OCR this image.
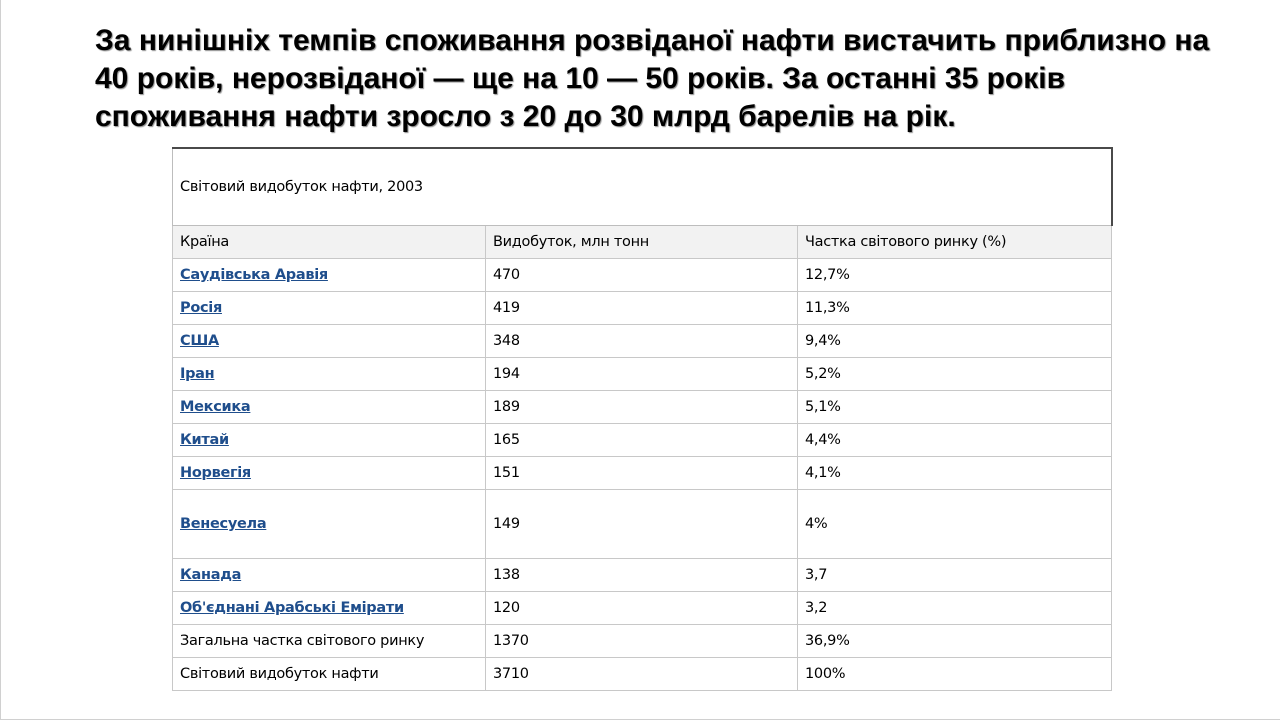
За нинішніх темпів споживання розвіданої нафти вистачить приблизно на 40 років, нерозвіданої — ще на 10 — 50 років. За останні 35 років споживання нафти зросло з 20 до 30 млрд барелів на рік.

Світовий видобуток нафти, 2003		
Країна	Видобуток, млн тонн	Частка світового ринку (%)
Саудівська Аравія	470	12,7%
Росія	419	11,3%
США	348	9,4%
Іран	194	5,2%
Мексика	189	5,1%
Китай	165	4,4%
Норвегія	151	4,1%
Венесуела	149	4%
Канада	138	3,7
Об'єднані Арабські Емірати	120	3,2
Загальна частка світового ринку	1370	36,9%
Світовий видобуток нафти	3710	100%
